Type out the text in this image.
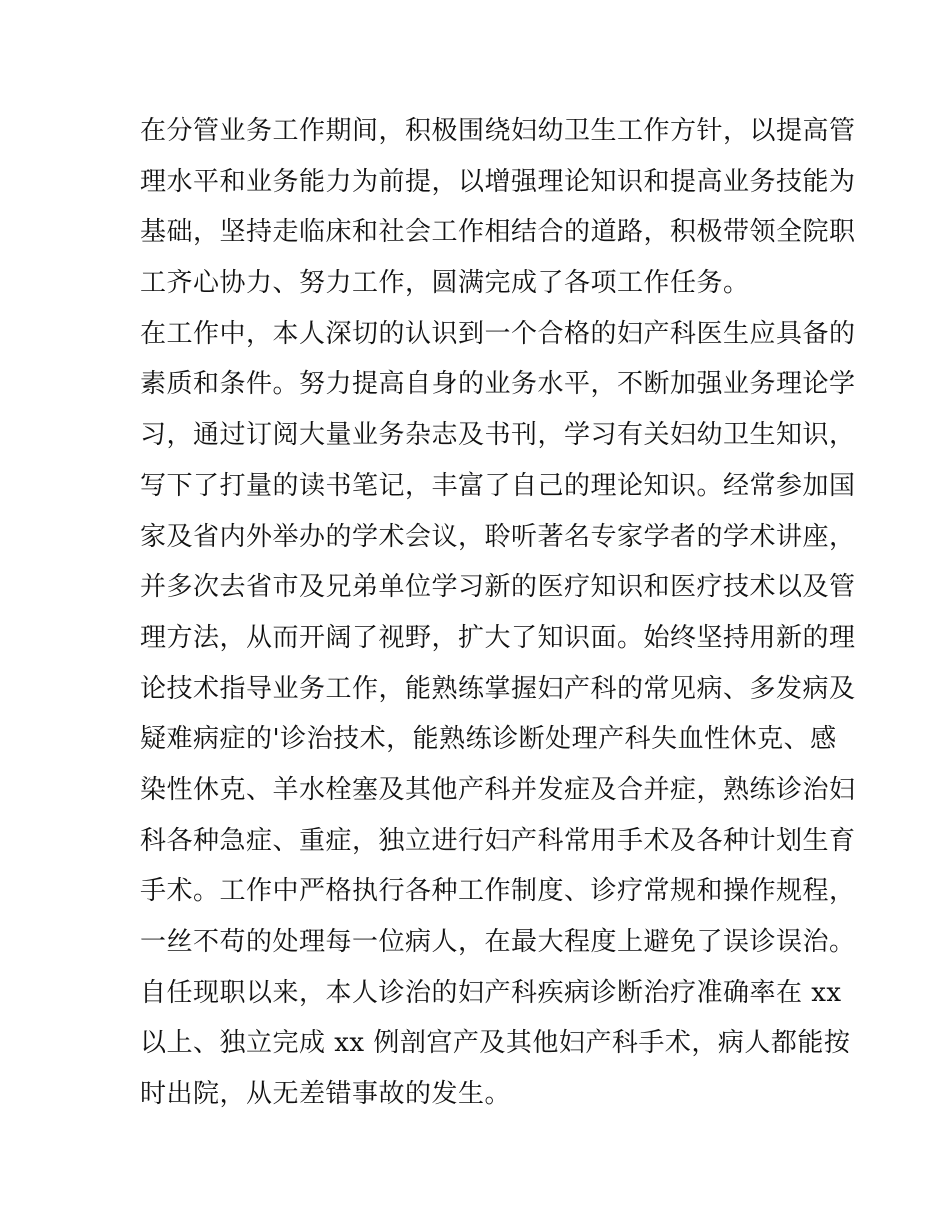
在分管业务工作期间，积极围绕妇幼卫生工作方针，以提高管
理水平和业务能力为前提，以增强理论知识和提高业务技能为
基础，坚持走临床和社会工作相结合的道路，积极带领全院职
工齐心协力、努力工作，圆满完成了各项工作任务。
在工作中，本人深切的认识到一个合格的妇产科医生应具备的
素质和条件。努力提高自身的业务水平，不断加强业务理论学
习，通过订阅大量业务杂志及书刊，学习有关妇幼卫生知识，
写下了打量的读书笔记，丰富了自己的理论知识。经常参加国
家及省内外举办的学术会议，聆听著名专家学者的学术讲座，
并多次去省市及兄弟单位学习新的医疗知识和医疗技术以及管
理方法，从而开阔了视野，扩大了知识面。始终坚持用新的理
论技术指导业务工作，能熟练掌握妇产科的常见病、多发病及
疑难病症的'诊治技术，能熟练诊断处理产科失血性休克、感
染性休克、羊水栓塞及其他产科并发症及合并症，熟练诊治妇
科各种急症、重症，独立进行妇产科常用手术及各种计划生育
手术。工作中严格执行各种工作制度、诊疗常规和操作规程，
一丝不苟的处理每一位病人，在最大程度上避免了误诊误治。
自任现职以来，本人诊治的妇产科疾病诊断治疗准确率在 xx
以上、独立完成 xx 例剖宫产及其他妇产科手术，病人都能按
时出院，从无差错事故的发生。
